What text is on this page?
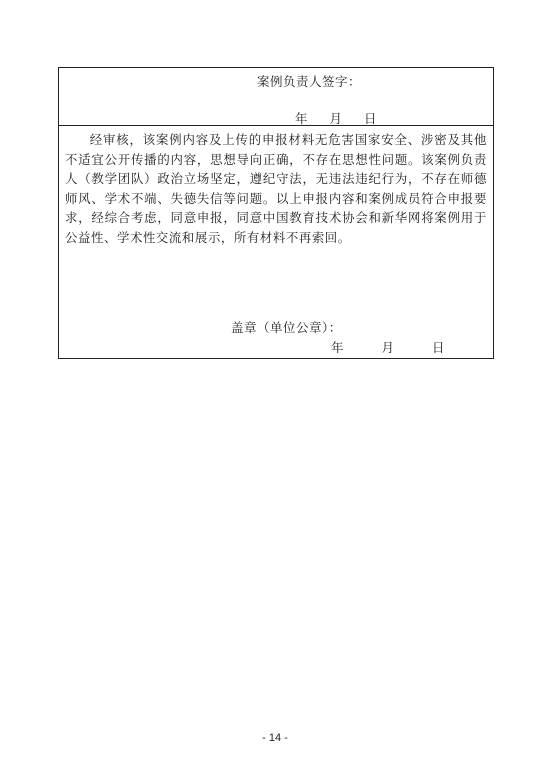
案例负责人签字：
年 月 日

经审核，该案例内容及上传的申报材料无危害国家安全、涉密及其他不适宜公开传播的内容，思想导向正确，不存在思想性问题。该案例负责人（教学团队）政治立场坚定，遵纪守法，无违法违纪行为，不存在师德师风、学术不端、失德失信等问题。以上申报内容和案例成员符合申报要求，经综合考虑，同意申报，同意中国教育技术协会和新华网将案例用于公益性、学术性交流和展示，所有材料不再索回。

盖章（单位公章）：
年	月	日
- 14 -
